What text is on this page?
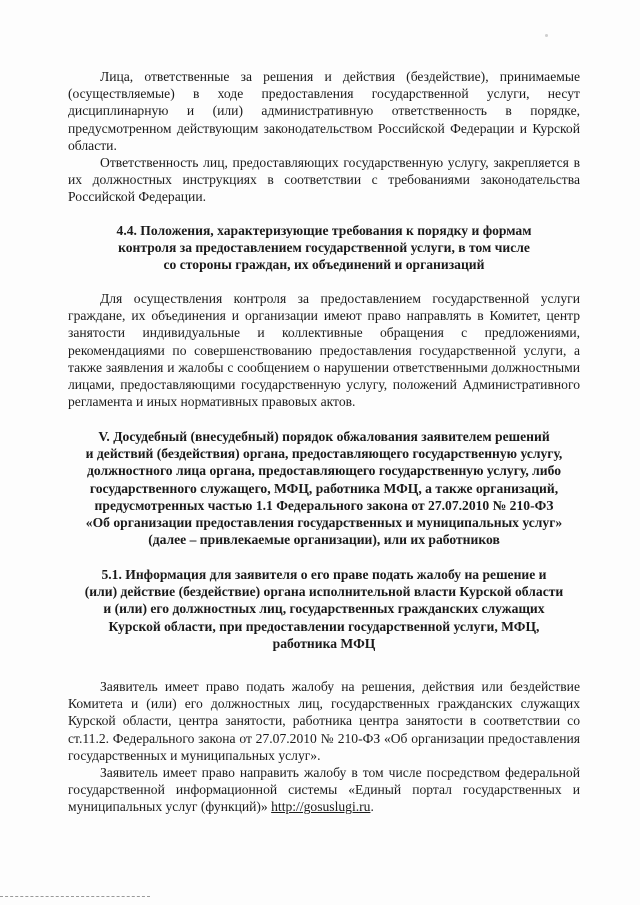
Лица, ответственные за решения и действия (бездействие), принимаемые (осуществляемые) в ходе предоставления государственной услуги, несут дисциплинарную и (или) административную ответственность в порядке, предусмотренном действующим законодательством Российской Федерации и Курской области.

Ответственность лиц, предоставляющих государственную услугу, закрепляется в их должностных инструкциях в соответствии с требованиями законодательства Российской Федерации.

4.4. Положения, характеризующие требования к порядку и формам
контроля за предоставлением государственной услуги, в том числе
со стороны граждан, их объединений и организаций

Для осуществления контроля за предоставлением государственной услуги граждане, их объединения и организации имеют право направлять в Комитет, центр занятости индивидуальные и коллективные обращения с предложениями, рекомендациями по совершенствованию предоставления государственной услуги, а также заявления и жалобы с сообщением о нарушении ответственными должностными лицами, предоставляющими государственную услугу, положений Административного регламента и иных нормативных правовых актов.

V. Досудебный (внесудебный) порядок обжалования заявителем решений
и действий (бездействия) органа, предоставляющего государственную услугу,
должностного лица органа, предоставляющего государственную услугу, либо
государственного служащего, МФЦ, работника МФЦ, а также организаций,
предусмотренных частью 1.1 Федерального закона от 27.07.2010 № 210-ФЗ
«Об организации предоставления государственных и муниципальных услуг»
(далее – привлекаемые организации), или их работников
5.1. Информация для заявителя о его праве подать жалобу на решение и
(или) действие (бездействие) органа исполнительной власти Курской области
и (или) его должностных лиц, государственных гражданских служащих
Курской области, при предоставлении государственной услуги, МФЦ,
работника МФЦ

Заявитель имеет право подать жалобу на решения, действия или бездействие Комитета и (или) его должностных лиц, государственных гражданских служащих Курской области, центра занятости, работника центра занятости в соответствии со ст.11.2. Федерального закона от 27.07.2010 № 210-ФЗ «Об организации предоставления государственных и муниципальных услуг».

Заявитель имеет право направить жалобу в том числе посредством федеральной государственной информационной системы «Единый портал государственных и муниципальных услуг (функций)» http://gosuslugi.ru.
